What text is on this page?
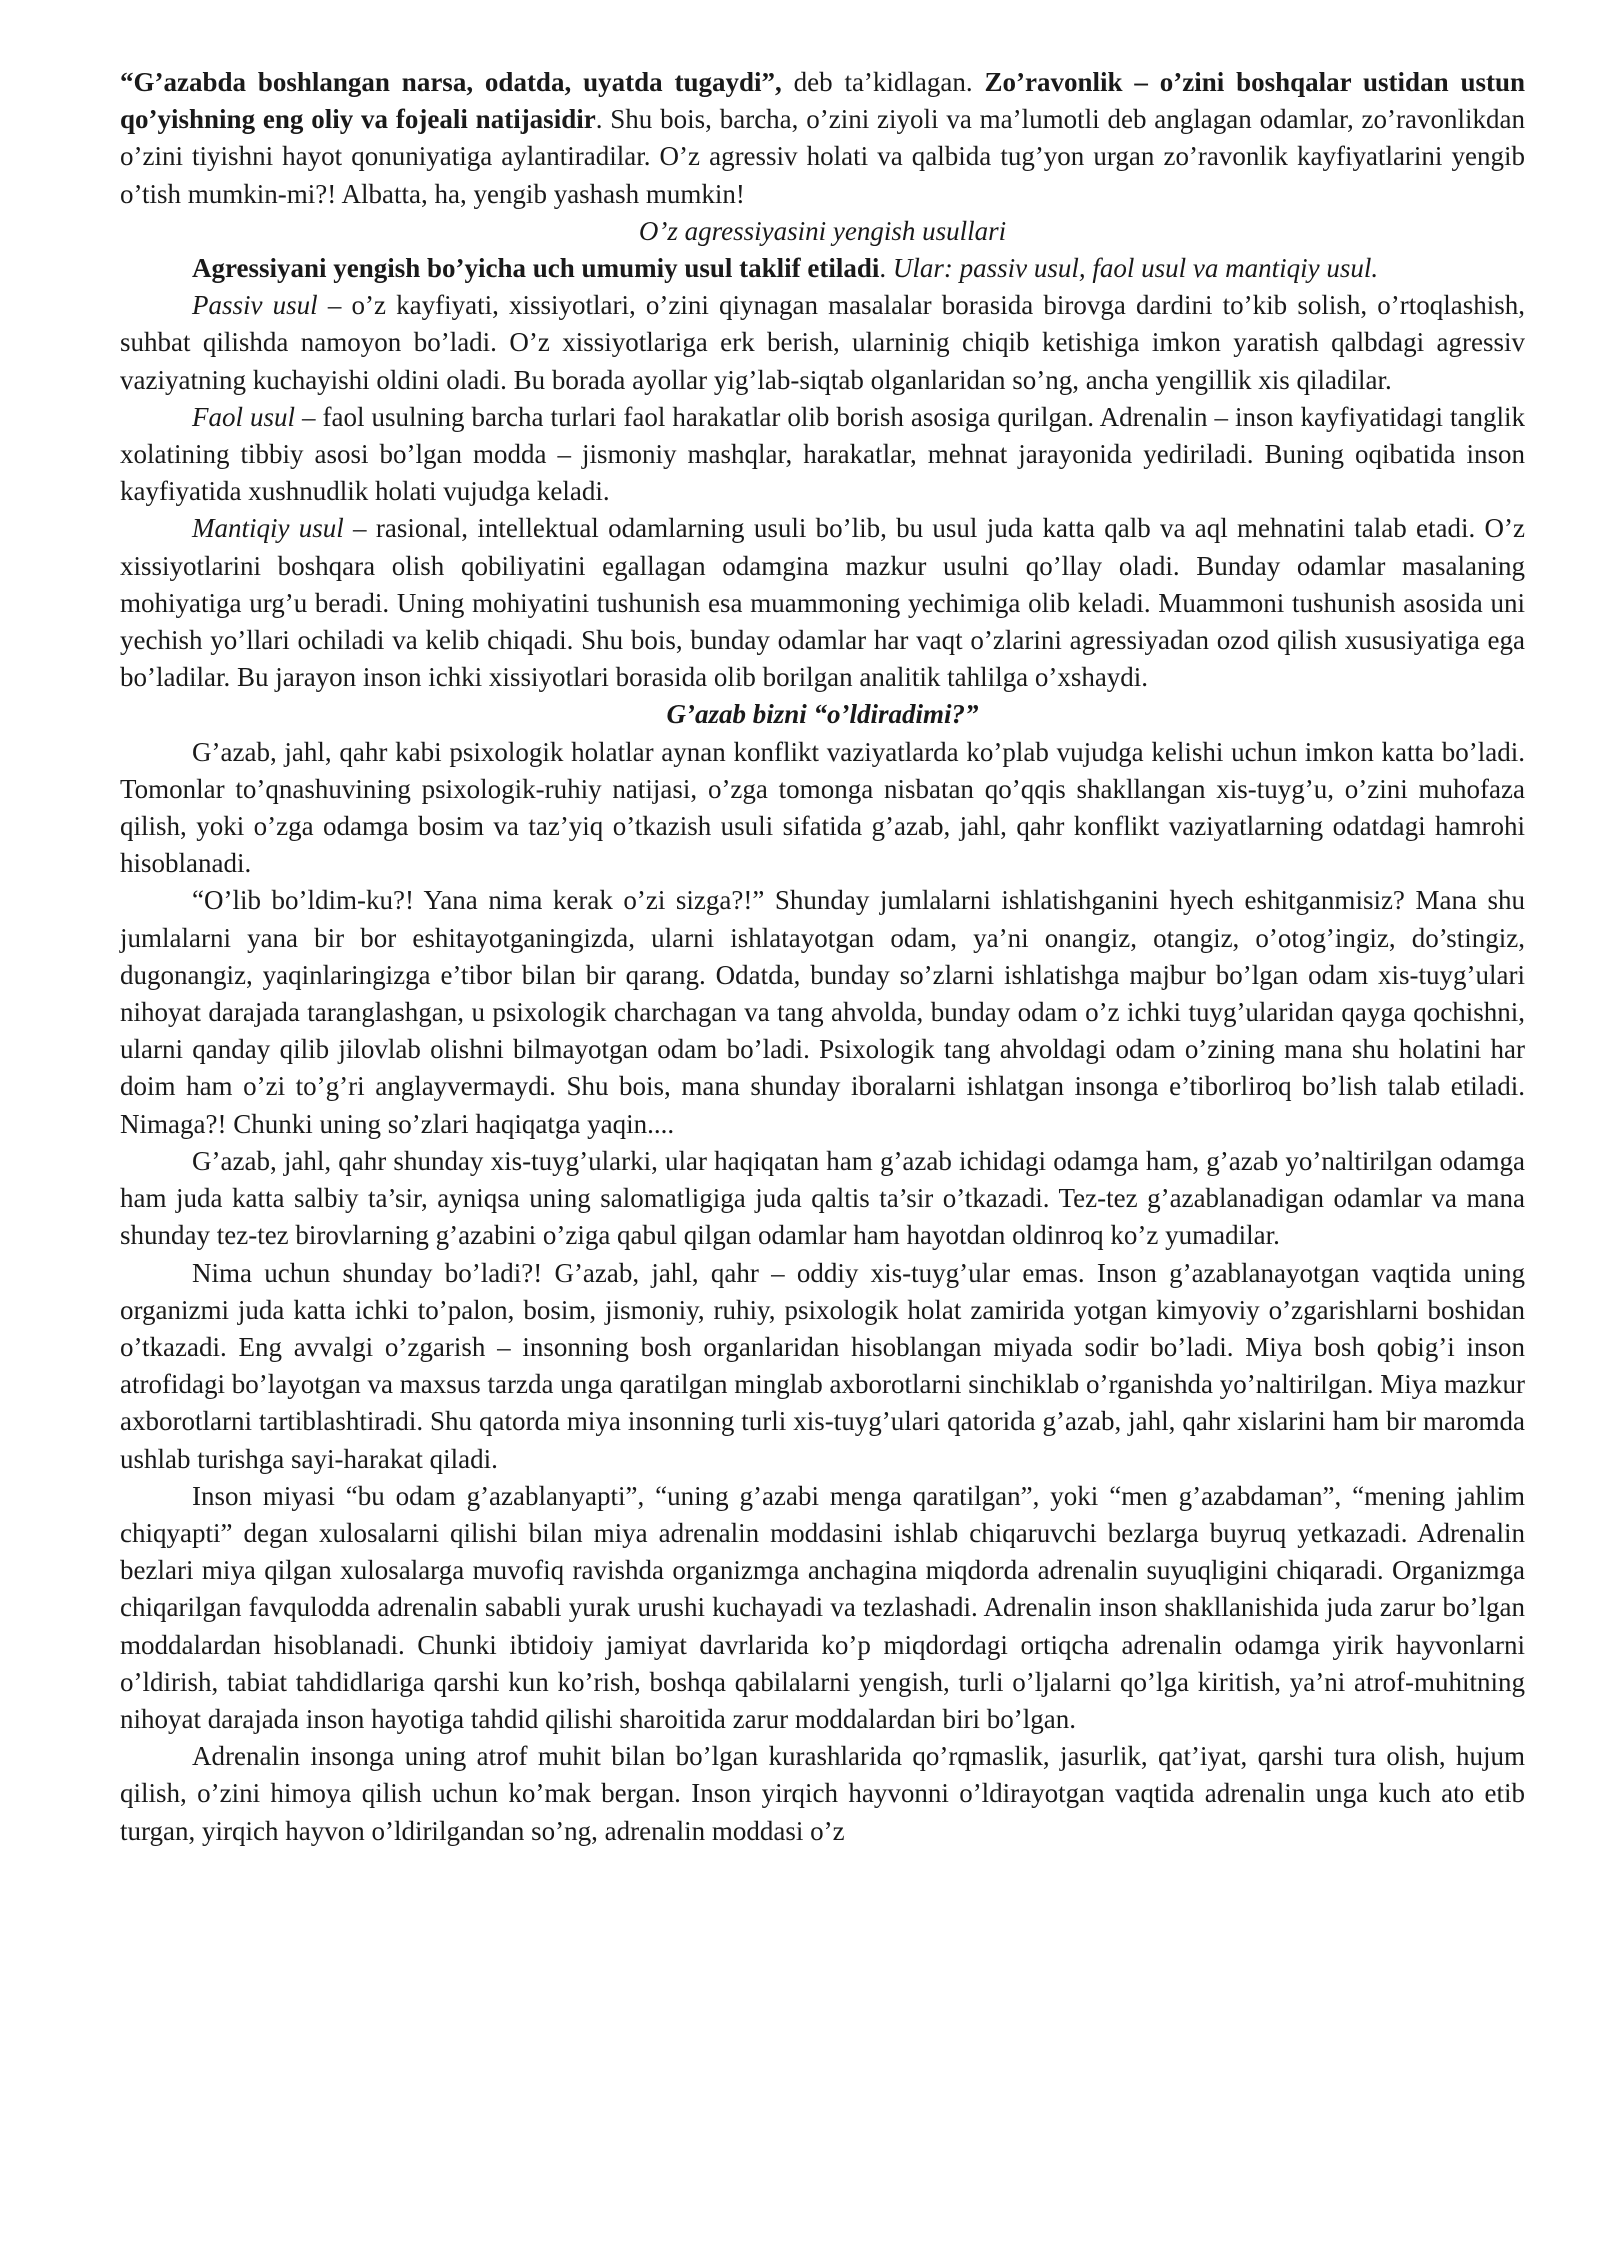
“G’azabda boshlangan narsa, odatda, uyatda tugaydi”, deb ta’kidlagan. Zo’ravonlik – o’zini boshqalar ustidan ustun qo’yishning eng oliy va fojeali natijasidir. Shu bois, barcha, o’zini ziyoli va ma’lumotli deb anglagan odamlar, zo’ravonlikdan o’zini tiyishni hayot qonuniyatiga aylantiradilar. O’z agressiv holati va qalbida tug’yon urgan zo’ravonlik kayfiyatlarini yengib o’tish mumkin-mi?! Albatta, ha, yengib yashash mumkin!

O’z agressiyasini yengish usullari

Agressiyani yengish bo’yicha uch umumiy usul taklif etiladi. Ular: passiv usul, faol usul va mantiqiy usul.

Passiv usul – o’z kayfiyati, xissiyotlari, o’zini qiynagan masalalar borasida birovga dardini to’kib solish, o’rtoqlashish, suhbat qilishda namoyon bo’ladi. O’z xissiyotlariga erk berish, ularninig chiqib ketishiga imkon yaratish qalbdagi agressiv vaziyatning kuchayishi oldini oladi. Bu borada ayollar yig’lab-siqtab olganlaridan so’ng, ancha yengillik xis qiladilar.

Faol usul – faol usulning barcha turlari faol harakatlar olib borish asosiga qurilgan. Adrenalin – inson kayfiyatidagi tanglik xolatining tibbiy asosi bo’lgan modda – jismoniy mashqlar, harakatlar, mehnat jarayonida yediriladi. Buning oqibatida inson kayfiyatida xushnudlik holati vujudga keladi.

Mantiqiy usul – rasional, intellektual odamlarning usuli bo’lib, bu usul juda katta qalb va aql mehnatini talab etadi. O’z xissiyotlarini boshqara olish qobiliyatini egallagan odamgina mazkur usulni qo’llay oladi. Bunday odamlar masalaning mohiyatiga urg’u beradi. Uning mohiyatini tushunish esa muammoning yechimiga olib keladi. Muammoni tushunish asosida uni yechish yo’llari ochiladi va kelib chiqadi. Shu bois, bunday odamlar har vaqt o’zlarini agressiyadan ozod qilish xususiyatiga ega bo’ladilar. Bu jarayon inson ichki xissiyotlari borasida olib borilgan analitik tahlilga o’xshaydi.

G’azab bizni “o’ldiradimi?”

G’azab, jahl, qahr kabi psixologik holatlar aynan konflikt vaziyatlarda ko’plab vujudga kelishi uchun imkon katta bo’ladi. Tomonlar to’qnashuvining psixologik-ruhiy natijasi, o’zga tomonga nisbatan qo’qqis shakllangan xis-tuyg’u, o’zini muhofaza qilish, yoki o’zga odamga bosim va taz’yiq o’tkazish usuli sifatida g’azab, jahl, qahr konflikt vaziyatlarning odatdagi hamrohi hisoblanadi.

“O’lib bo’ldim-ku?! Yana nima kerak o’zi sizga?!” Shunday jumlalarni ishlatishganini hyech eshitganmisiz? Mana shu jumlalarni yana bir bor eshitayotganingizda, ularni ishlatayotgan odam, ya’ni onangiz, otangiz, o’otog’ingiz, do’stingiz, dugonangiz, yaqinlaringizga e’tibor bilan bir qarang. Odatda, bunday so’zlarni ishlatishga majbur bo’lgan odam xis-tuyg’ulari nihoyat darajada taranglashgan, u psixologik charchagan va tang ahvolda, bunday odam o’z ichki tuyg’ularidan qayga qochishni, ularni qanday qilib jilovlab olishni bilmayotgan odam bo’ladi. Psixologik tang ahvoldagi odam o’zining mana shu holatini har doim ham o’zi to’g’ri anglayvermaydi. Shu bois, mana shunday iboralarni ishlatgan insonga e’tiborliroq bo’lish talab etiladi. Nimaga?! Chunki uning so’zlari haqiqatga yaqin....

G’azab, jahl, qahr shunday xis-tuyg’ularki, ular haqiqatan ham g’azab ichidagi odamga ham, g’azab yo’naltirilgan odamga ham juda katta salbiy ta’sir, ayniqsa uning salomatligiga juda qaltis ta’sir o’tkazadi. Tez-tez g’azablanadigan odamlar va mana shunday tez-tez birovlarning g’azabini o’ziga qabul qilgan odamlar ham hayotdan oldinroq ko’z yumadilar.

Nima uchun shunday bo’ladi?! G’azab, jahl, qahr – oddiy xis-tuyg’ular emas. Inson g’azablanayotgan vaqtida uning organizmi juda katta ichki to’palon, bosim, jismoniy, ruhiy, psixologik holat zamirida yotgan kimyoviy o’zgarishlarni boshidan o’tkazadi. Eng avvalgi o’zgarish – insonning bosh organlaridan hisoblangan miyada sodir bo’ladi. Miya bosh qobig’i inson atrofidagi bo’layotgan va maxsus tarzda unga qaratilgan minglab axborotlarni sinchiklab o’rganishda yo’naltirilgan. Miya mazkur axborotlarni tartiblashtiradi. Shu qatorda miya insonning turli xis-tuyg’ulari qatorida g’azab, jahl, qahr xislarini ham bir maromda ushlab turishga sayi-harakat qiladi.

Inson miyasi “bu odam g’azablanyapti”, “uning g’azabi menga qaratilgan”, yoki “men g’azabdaman”, “mening jahlim chiqyapti” degan xulosalarni qilishi bilan miya adrenalin moddasini ishlab chiqaruvchi bezlarga buyruq yetkazadi. Adrenalin bezlari miya qilgan xulosalarga muvofiq ravishda organizmga anchagina miqdorda adrenalin suyuqligini chiqaradi. Organizmga chiqarilgan favqulodda adrenalin sababli yurak urushi kuchayadi va tezlashadi. Adrenalin inson shakllanishida juda zarur bo’lgan moddalardan hisoblanadi. Chunki ibtidoiy jamiyat davrlarida ko’p miqdordagi ortiqcha adrenalin odamga yirik hayvonlarni o’ldirish, tabiat tahdidlariga qarshi kun ko’rish, boshqa qabilalarni yengish, turli o’ljalarni qo’lga kiritish, ya’ni atrof-muhitning nihoyat darajada inson hayotiga tahdid qilishi sharoitida zarur moddalardan biri bo’lgan.

Adrenalin insonga uning atrof muhit bilan bo’lgan kurashlarida qo’rqmaslik, jasurlik, qat’iyat, qarshi tura olish, hujum qilish, o’zini himoya qilish uchun ko’mak bergan. Inson yirqich hayvonni o’ldirayotgan vaqtida adrenalin unga kuch ato etib turgan, yirqich hayvon o’ldirilgandan so’ng, adrenalin moddasi o’z
